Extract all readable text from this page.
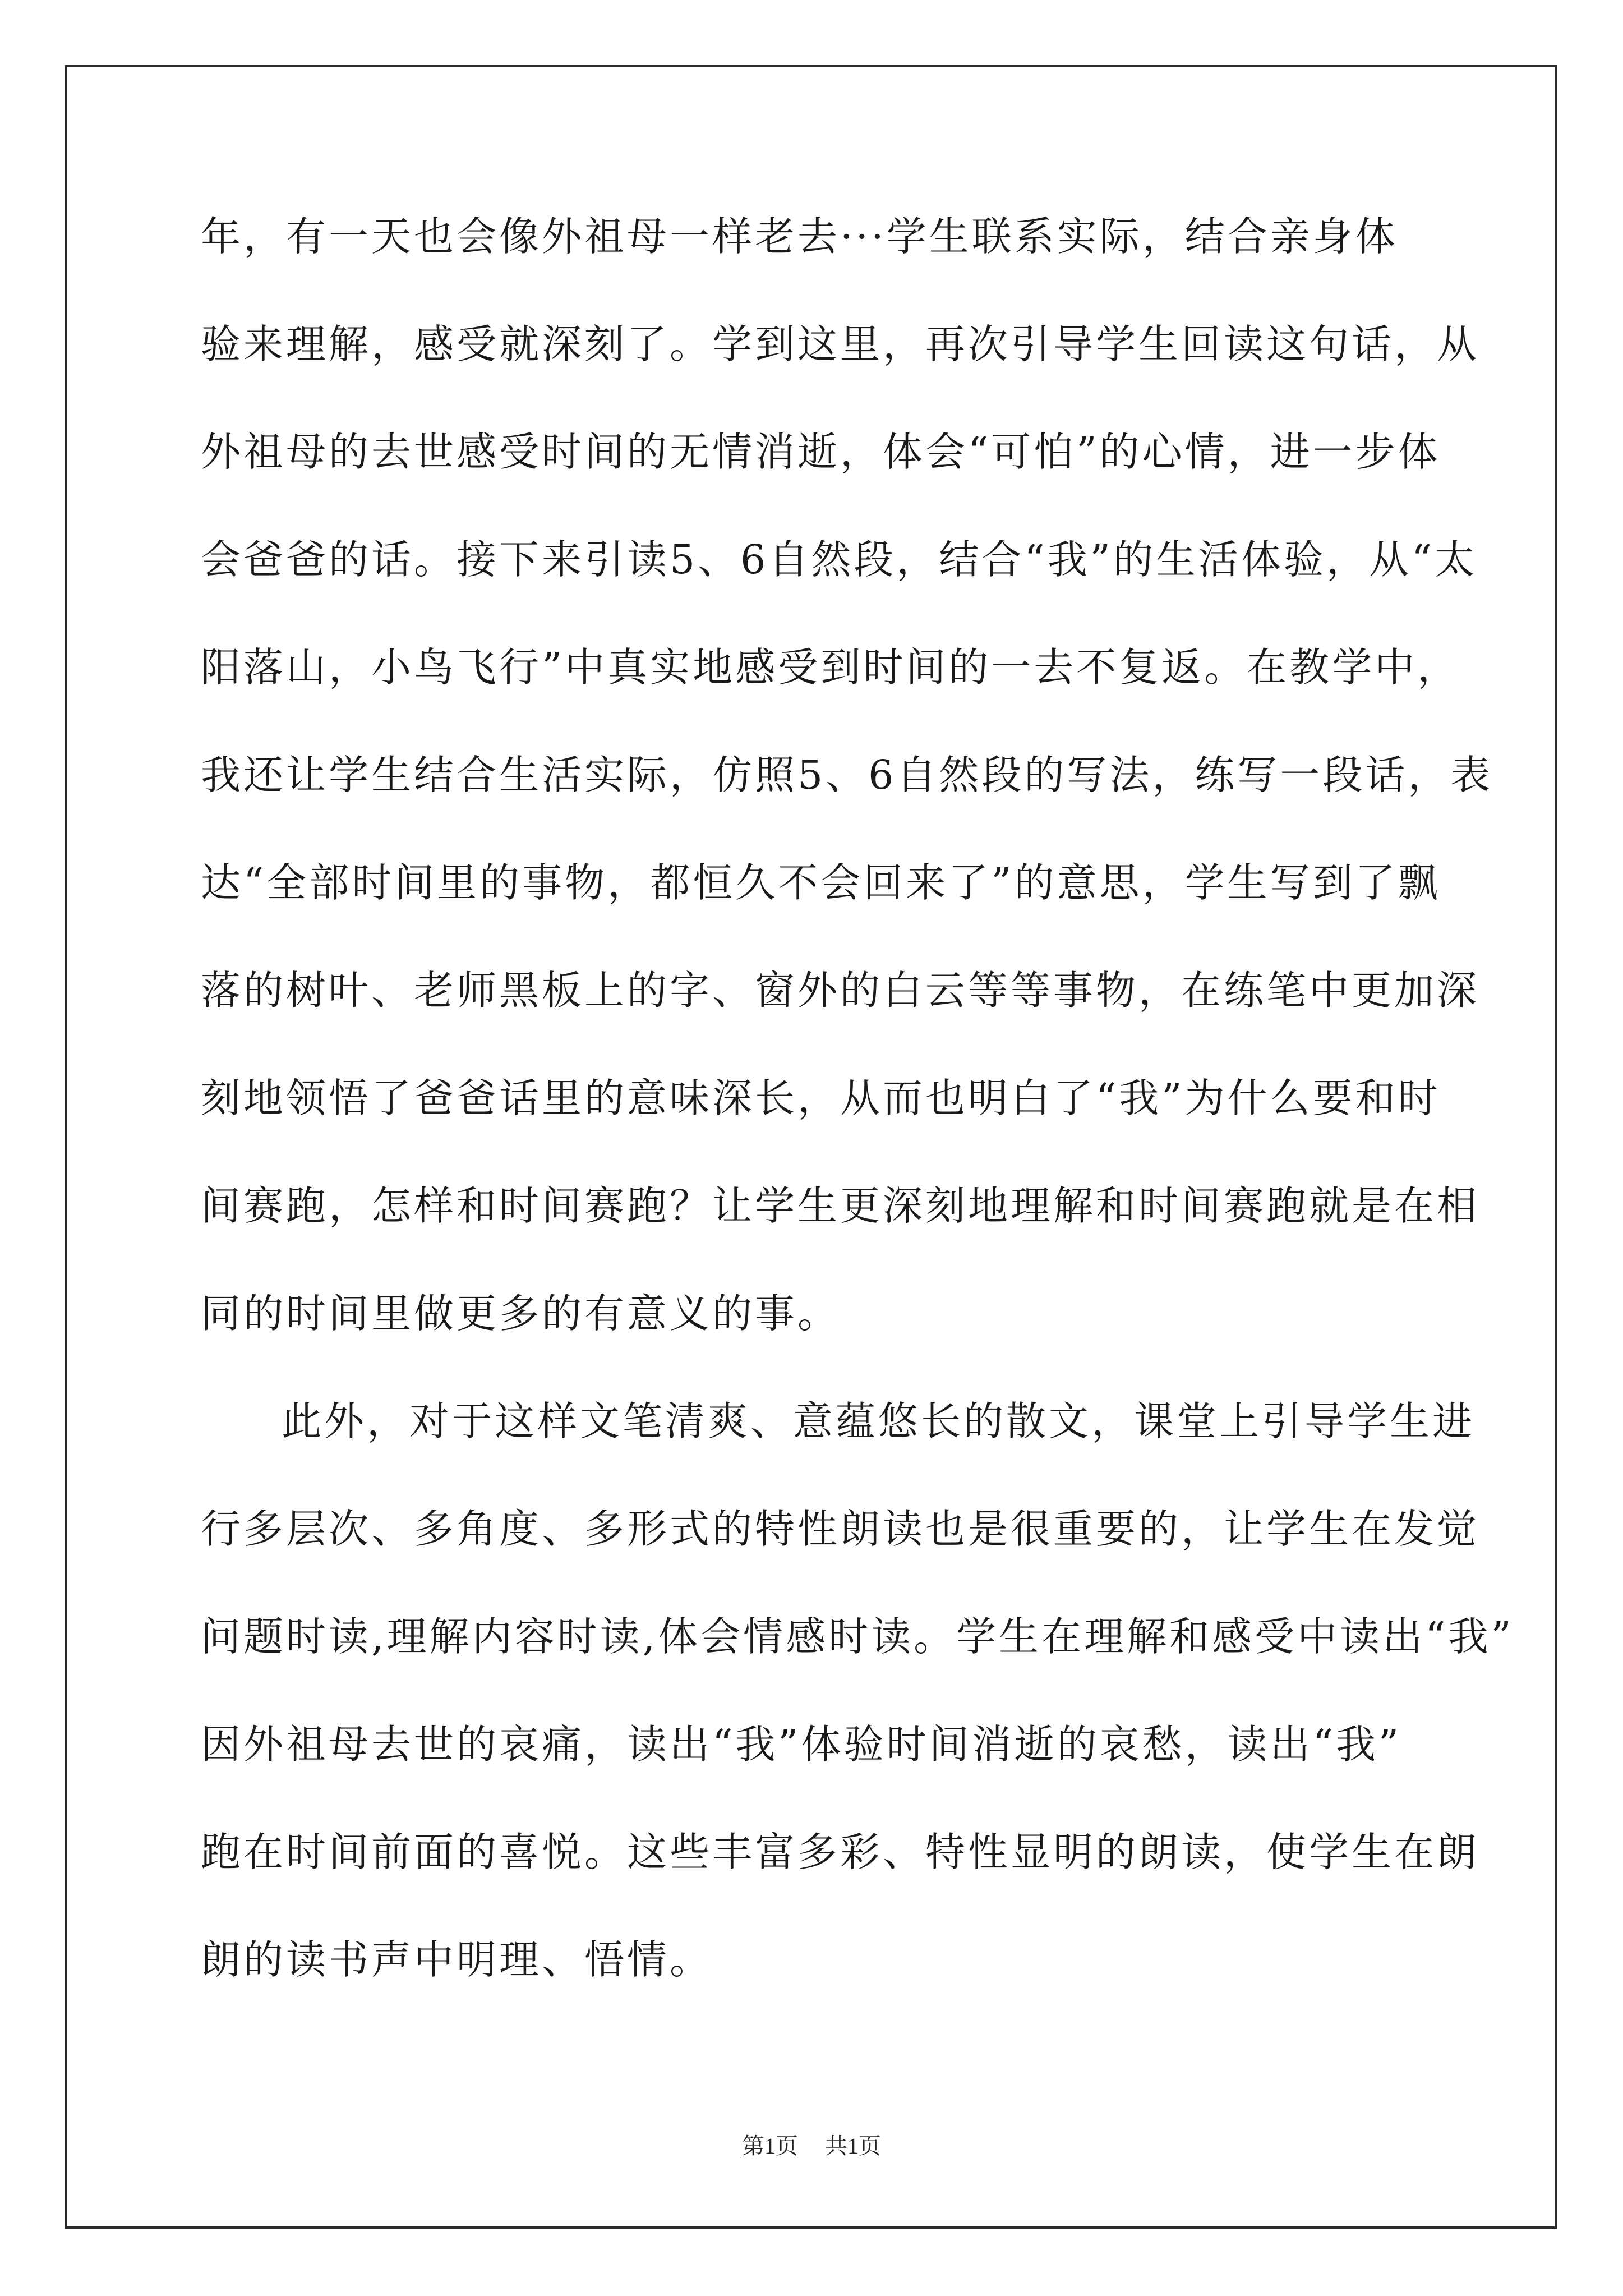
年，有一天也会像外祖母一样老去···学生联系实际，结合亲身体
验来理解，感受就深刻了。学到这里，再次引导学生回读这句话，从
外祖母的去世感受时间的无情消逝，体会“可怕”的心情，进一步体
会爸爸的话。接下来引读5、6自然段，结合“我”的生活体验，从“太
阳落山，小鸟飞行”中真实地感受到时间的一去不复返。在教学中，
我还让学生结合生活实际，仿照5、6自然段的写法，练写一段话，表
达“全部时间里的事物，都恒久不会回来了”的意思，学生写到了飘
落的树叶、老师黑板上的字、窗外的白云等等事物，在练笔中更加深
刻地领悟了爸爸话里的意味深长，从而也明白了“我”为什么要和时
间赛跑，怎样和时间赛跑？让学生更深刻地理解和时间赛跑就是在相
同的时间里做更多的有意义的事。
此外，对于这样文笔清爽、意蕴悠长的散文，课堂上引导学生进
行多层次、多角度、多形式的特性朗读也是很重要的，让学生在发觉
问题时读,理解内容时读,体会情感时读。学生在理解和感受中读出“我”
因外祖母去世的哀痛，读出“我”体验时间消逝的哀愁，读出“我”
跑在时间前面的喜悦。这些丰富多彩、特性显明的朗读，使学生在朗
朗的读书声中明理、悟情。
第1页 共1页
